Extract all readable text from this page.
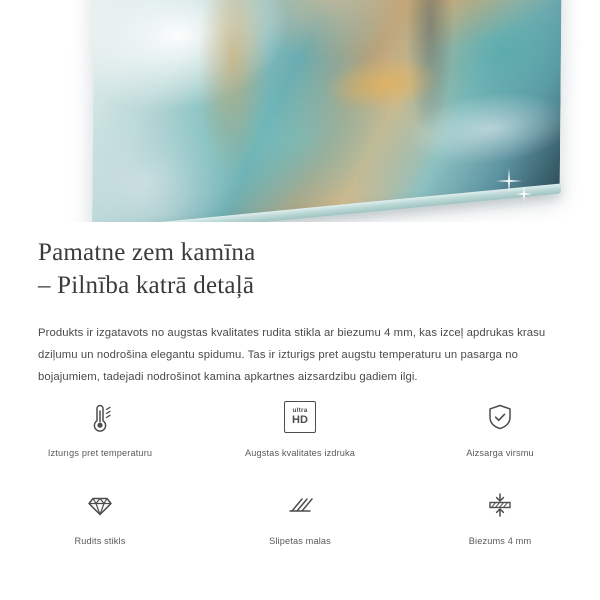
Pamatne zem kamīna
– Pilnība katrā detaļā

Produkts ir izgatavots no augstas kvalitates rudita stikla ar biezumu 4 mm, kas izceļ apdrukas krasu dziļumu un nodrošina elegantu spidumu. Tas ir izturigs pret augstu temperaturu un pasarga no bojajumiem, tadejadi nodrošinot kamina apkartnes aizsardzibu gadiem ilgi.

Izturıgs pret temperaturu
ultra
HD
Augstas kvalitates izdruka	Aizsarga virsmu
Rudits stikls	Slipetas malas	Biezums 4 mm
